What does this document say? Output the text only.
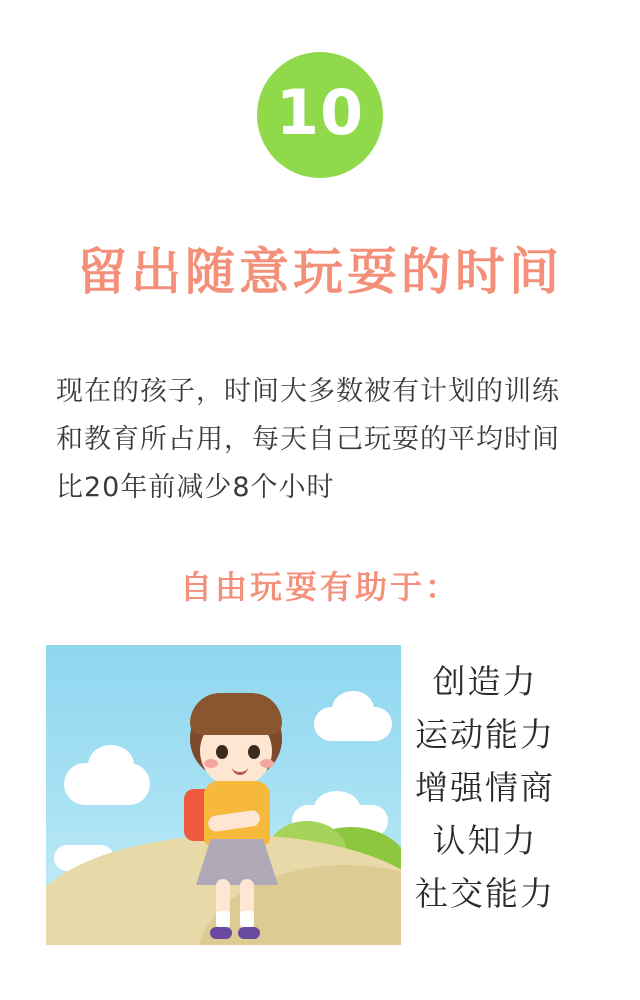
10
留出随意玩耍的时间
现在的孩子，时间大多数被有计划的训练和教育所占用，每天自己玩耍的平均时间比20年前减少8个小时
自由玩耍有助于：
创造力
运动能力
增强情商
认知力
社交能力
